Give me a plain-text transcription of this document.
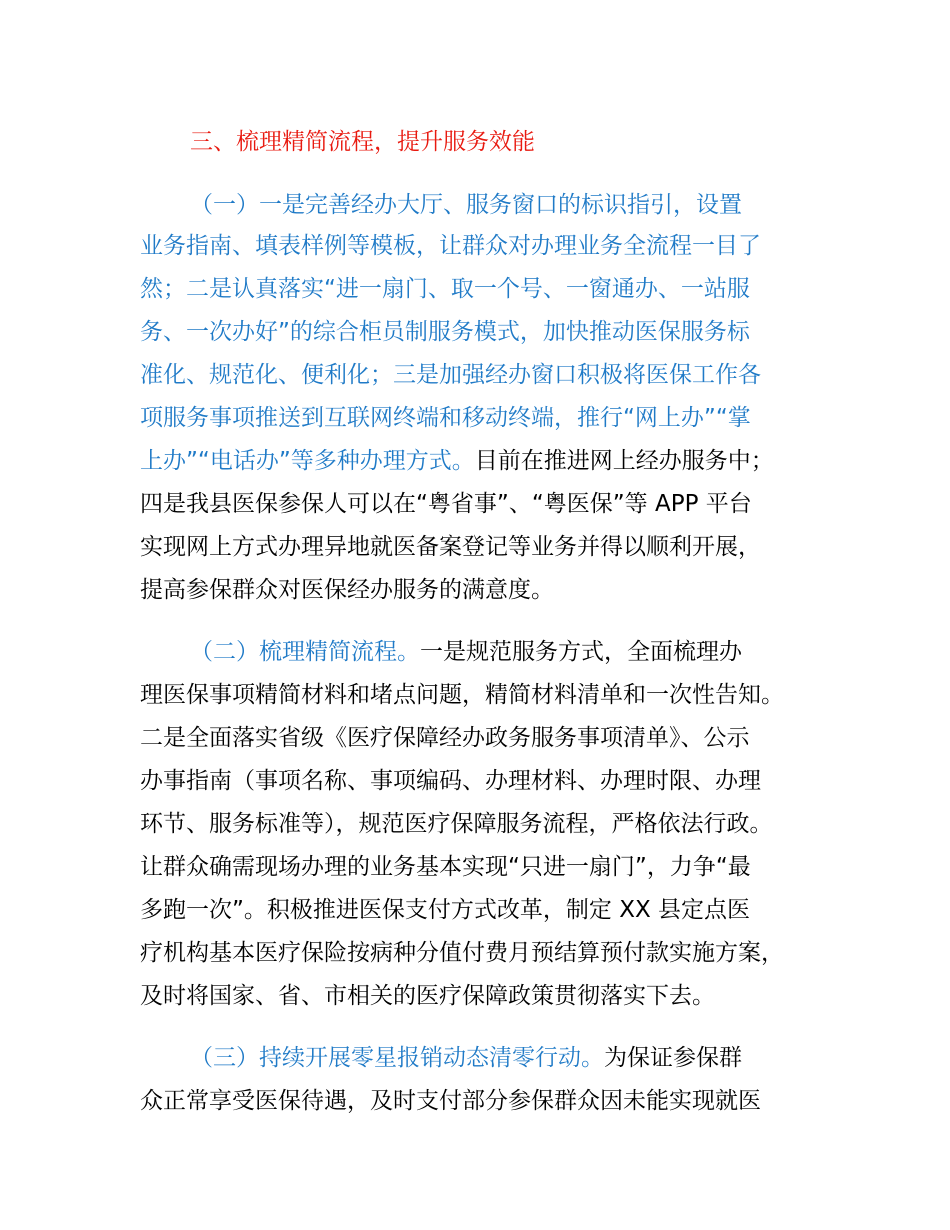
三、梳理精简流程，提升服务效能
（一）一是完善经办大厅、服务窗口的标识指引，设置
业务指南、填表样例等模板，让群众对办理业务全流程一目了
然；二是认真落实“进一扇门、取一个号、一窗通办、一站服
务、一次办好”的综合柜员制服务模式，加快推动医保服务标
准化、规范化、便利化；三是加强经办窗口积极将医保工作各
项服务事项推送到互联网终端和移动终端，推行“网上办”“掌
上办”“电话办”等多种办理方式。目前在推进网上经办服务中；
四是我县医保参保人可以在“粤省事”、“粤医保”等 APP 平台
实现网上方式办理异地就医备案登记等业务并得以顺利开展，
提高参保群众对医保经办服务的满意度。
（二）梳理精简流程。一是规范服务方式，全面梳理办
理医保事项精简材料和堵点问题，精简材料清单和一次性告知。
二是全面落实省级《医疗保障经办政务服务事项清单》、公示
办事指南（事项名称、事项编码、办理材料、办理时限、办理
环节、服务标准等），规范医疗保障服务流程，严格依法行政。
让群众确需现场办理的业务基本实现“只进一扇门”，力争“最
多跑一次”。积极推进医保支付方式改革，制定 XX 县定点医
疗机构基本医疗保险按病种分值付费月预结算预付款实施方案，
及时将国家、省、市相关的医疗保障政策贯彻落实下去。
（三）持续开展零星报销动态清零行动。为保证参保群
众正常享受医保待遇，及时支付部分参保群众因未能实现就医
